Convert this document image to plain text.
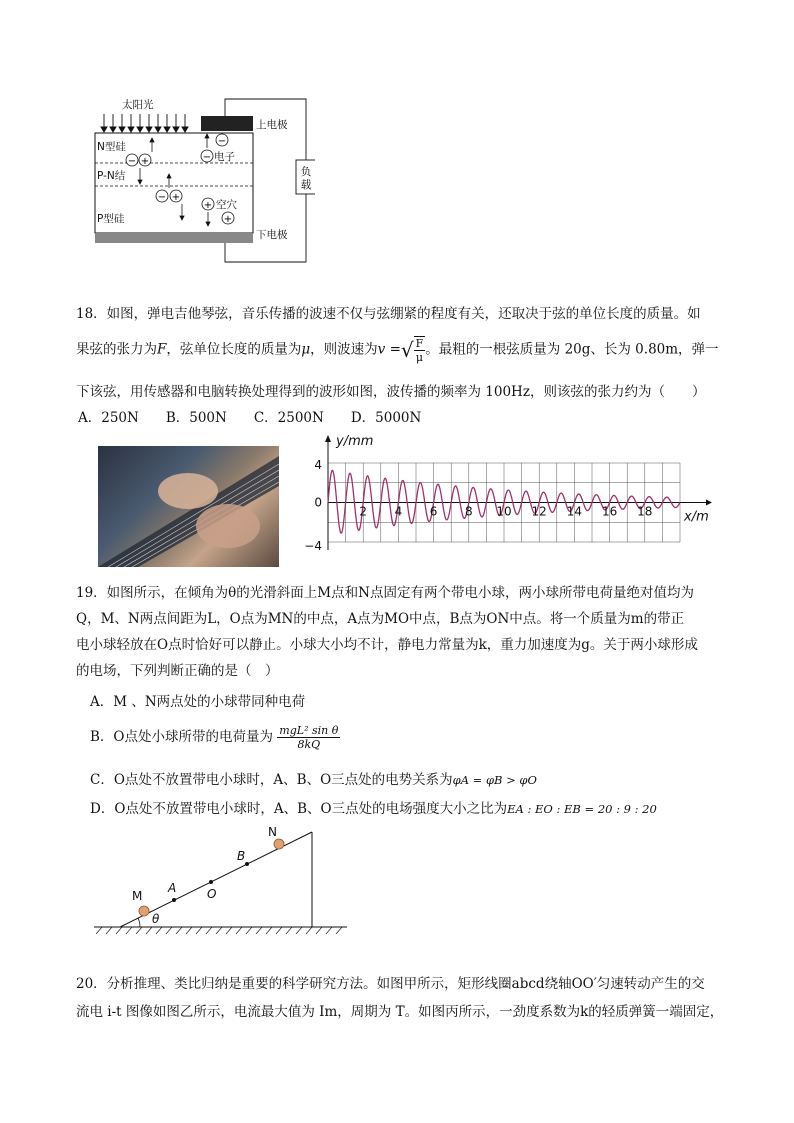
−
−
− +
− +
+
+
太阳光
上电极
N型硅
P-N结
P型硅
电子
空穴
下电极
负
载
18．如图，弹电吉他琴弦，音乐传播的波速不仅与弦绷紧的程度有关，还取决于弦的单位长度的质量。如
果弦的张力为F，弦单位长度的质量为μ，则波速为v =√ $\frac{F}{\mu}$ 。最粗的一根弦质量为 20g、长为 0.80m，弹一
下该弦，用传感器和电脑转换处理得到的波形如图，波传播的频率为 100Hz，则该弦的张力约为（　　）
A．250N　　B．500N　　C．2500N　　D．5000N
2 4 6 8 10 12 14 16 18
4
0
−4
x/m
y/mm
19．如图所示，在倾角为θ的光滑斜面上M点和N点固定有两个带电小球，两小球所带电荷量绝对值均为
Q，M、N两点间距为L，O点为MN的中点，A点为MO中点，B点为ON中点。将一个质量为m的带正
电小球轻放在O点时恰好可以静止。小球大小均不计，静电力常量为k，重力加速度为g。关于两小球形成
的电场，下列判断正确的是（　）
A．M 、N两点处的小球带同种电荷
B．O点处小球所带的电荷量为 $\frac{\text{mgL² sin θ}}{8kQ}$
C．O点处不放置带电小球时，A、B、O三点处的电势关系为φA = φB > φO
D．O点处不放置带电小球时，A、B、O三点处的电场强度大小之比为EA : EO : EB = 20 : 9 : 20
M
N
A
B
O
θ
20．分析推理、类比归纳是重要的科学研究方法。如图甲所示，矩形线圈abcd绕轴OO′匀速转动产生的交
流电 i-t 图像如图乙所示，电流最大值为 Im，周期为 T。如图丙所示，一劲度系数为k的轻质弹簧一端固定，
